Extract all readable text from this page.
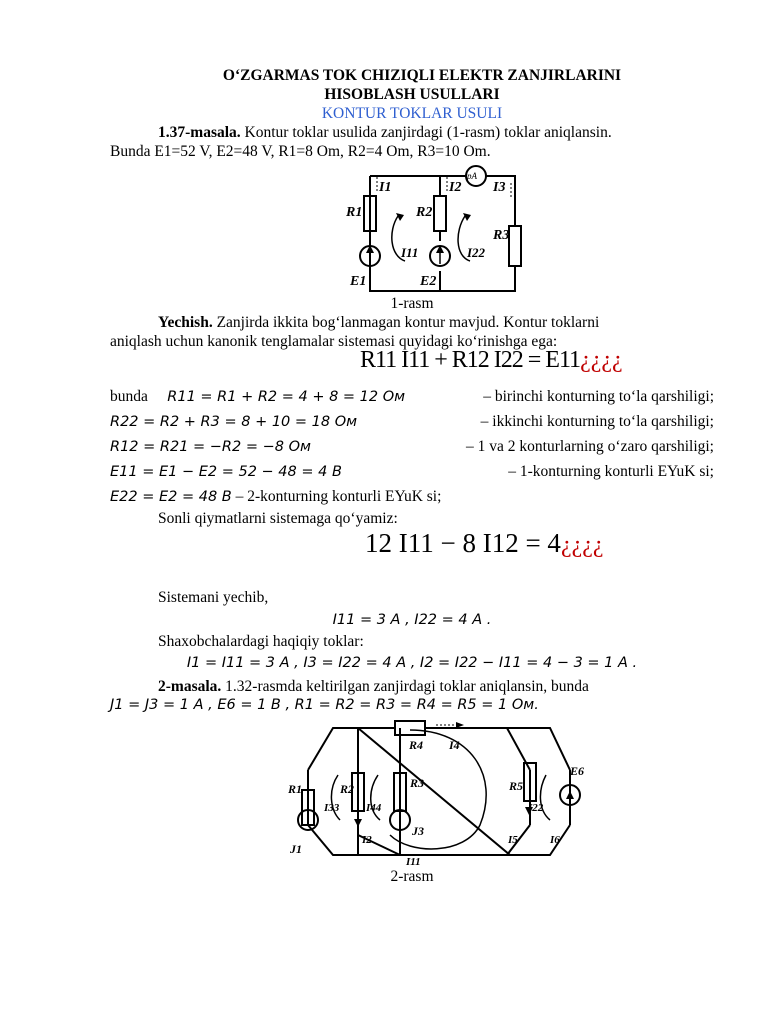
O‘ZGARMAS TOK CHIZIQLI ELEKTR ZANJIRLARINI
HISOBLASH USULLARI
KONTUR TOKLAR USULI
1.37-masala. Kontur toklar usulida zanjirdagi (1-rasm) toklar aniqlansin.
Bunda E1=52 V, E2=48 V, R1=8 Om, R2=4 Om, R3=10 Om.
pA
I1	I2 I3
R1	R2
R3
I11	I22
E1	E2
1-rasm
Yechish. Zanjirda ikkita bog‘lanmagan kontur mavjud. Kontur toklarni
aniqlash uchun kanonik tenglamalar sistemasi quyidagi ko‘rinishga ega:
R11 I11 + R12 I22 = E11¿¿¿¿
bunda R11 = R1 + R2 = 4 + 8 = 12 Ом	– birinchi konturning to‘la qarshiligi;
R22 = R2 + R3 = 8 + 10 = 18 Ом	– ikkinchi konturning to‘la qarshiligi;
R12 = R21 = −R2 = −8 Ом	– 1 va 2 konturlarning o‘zaro qarshiligi;
E11 = E1 − E2 = 52 − 48 = 4 В	– 1-konturning konturli EYuK si;
E22 = E2 = 48 В – 2-konturning konturli EYuK si;
Sonli qiymatlarni sistemaga qo‘yamiz:
12 I11 − 8 I12 = 4¿¿¿¿
Sistemani yechib,
I11 = 3 A , I22 = 4 A .
Shaxobchalardagi haqiqiy toklar:
I1 = I11 = 3 A , I3 = I22 = 4 A , I2 = I22 − I11 = 4 − 3 = 1 A .
2-masala. 1.32-rasmda keltirilgan zanjirdagi toklar aniqlansin, bunda
J1 = J3 = 1 A , E6 = 1 B , R1 = R2 = R3 = R4 = R5 = 1 Ом.
R4 I4
R1	R2	R3	R5
E6
I33 I44	I22
J1
J3
I2
I11
I5	I6
2-rasm
